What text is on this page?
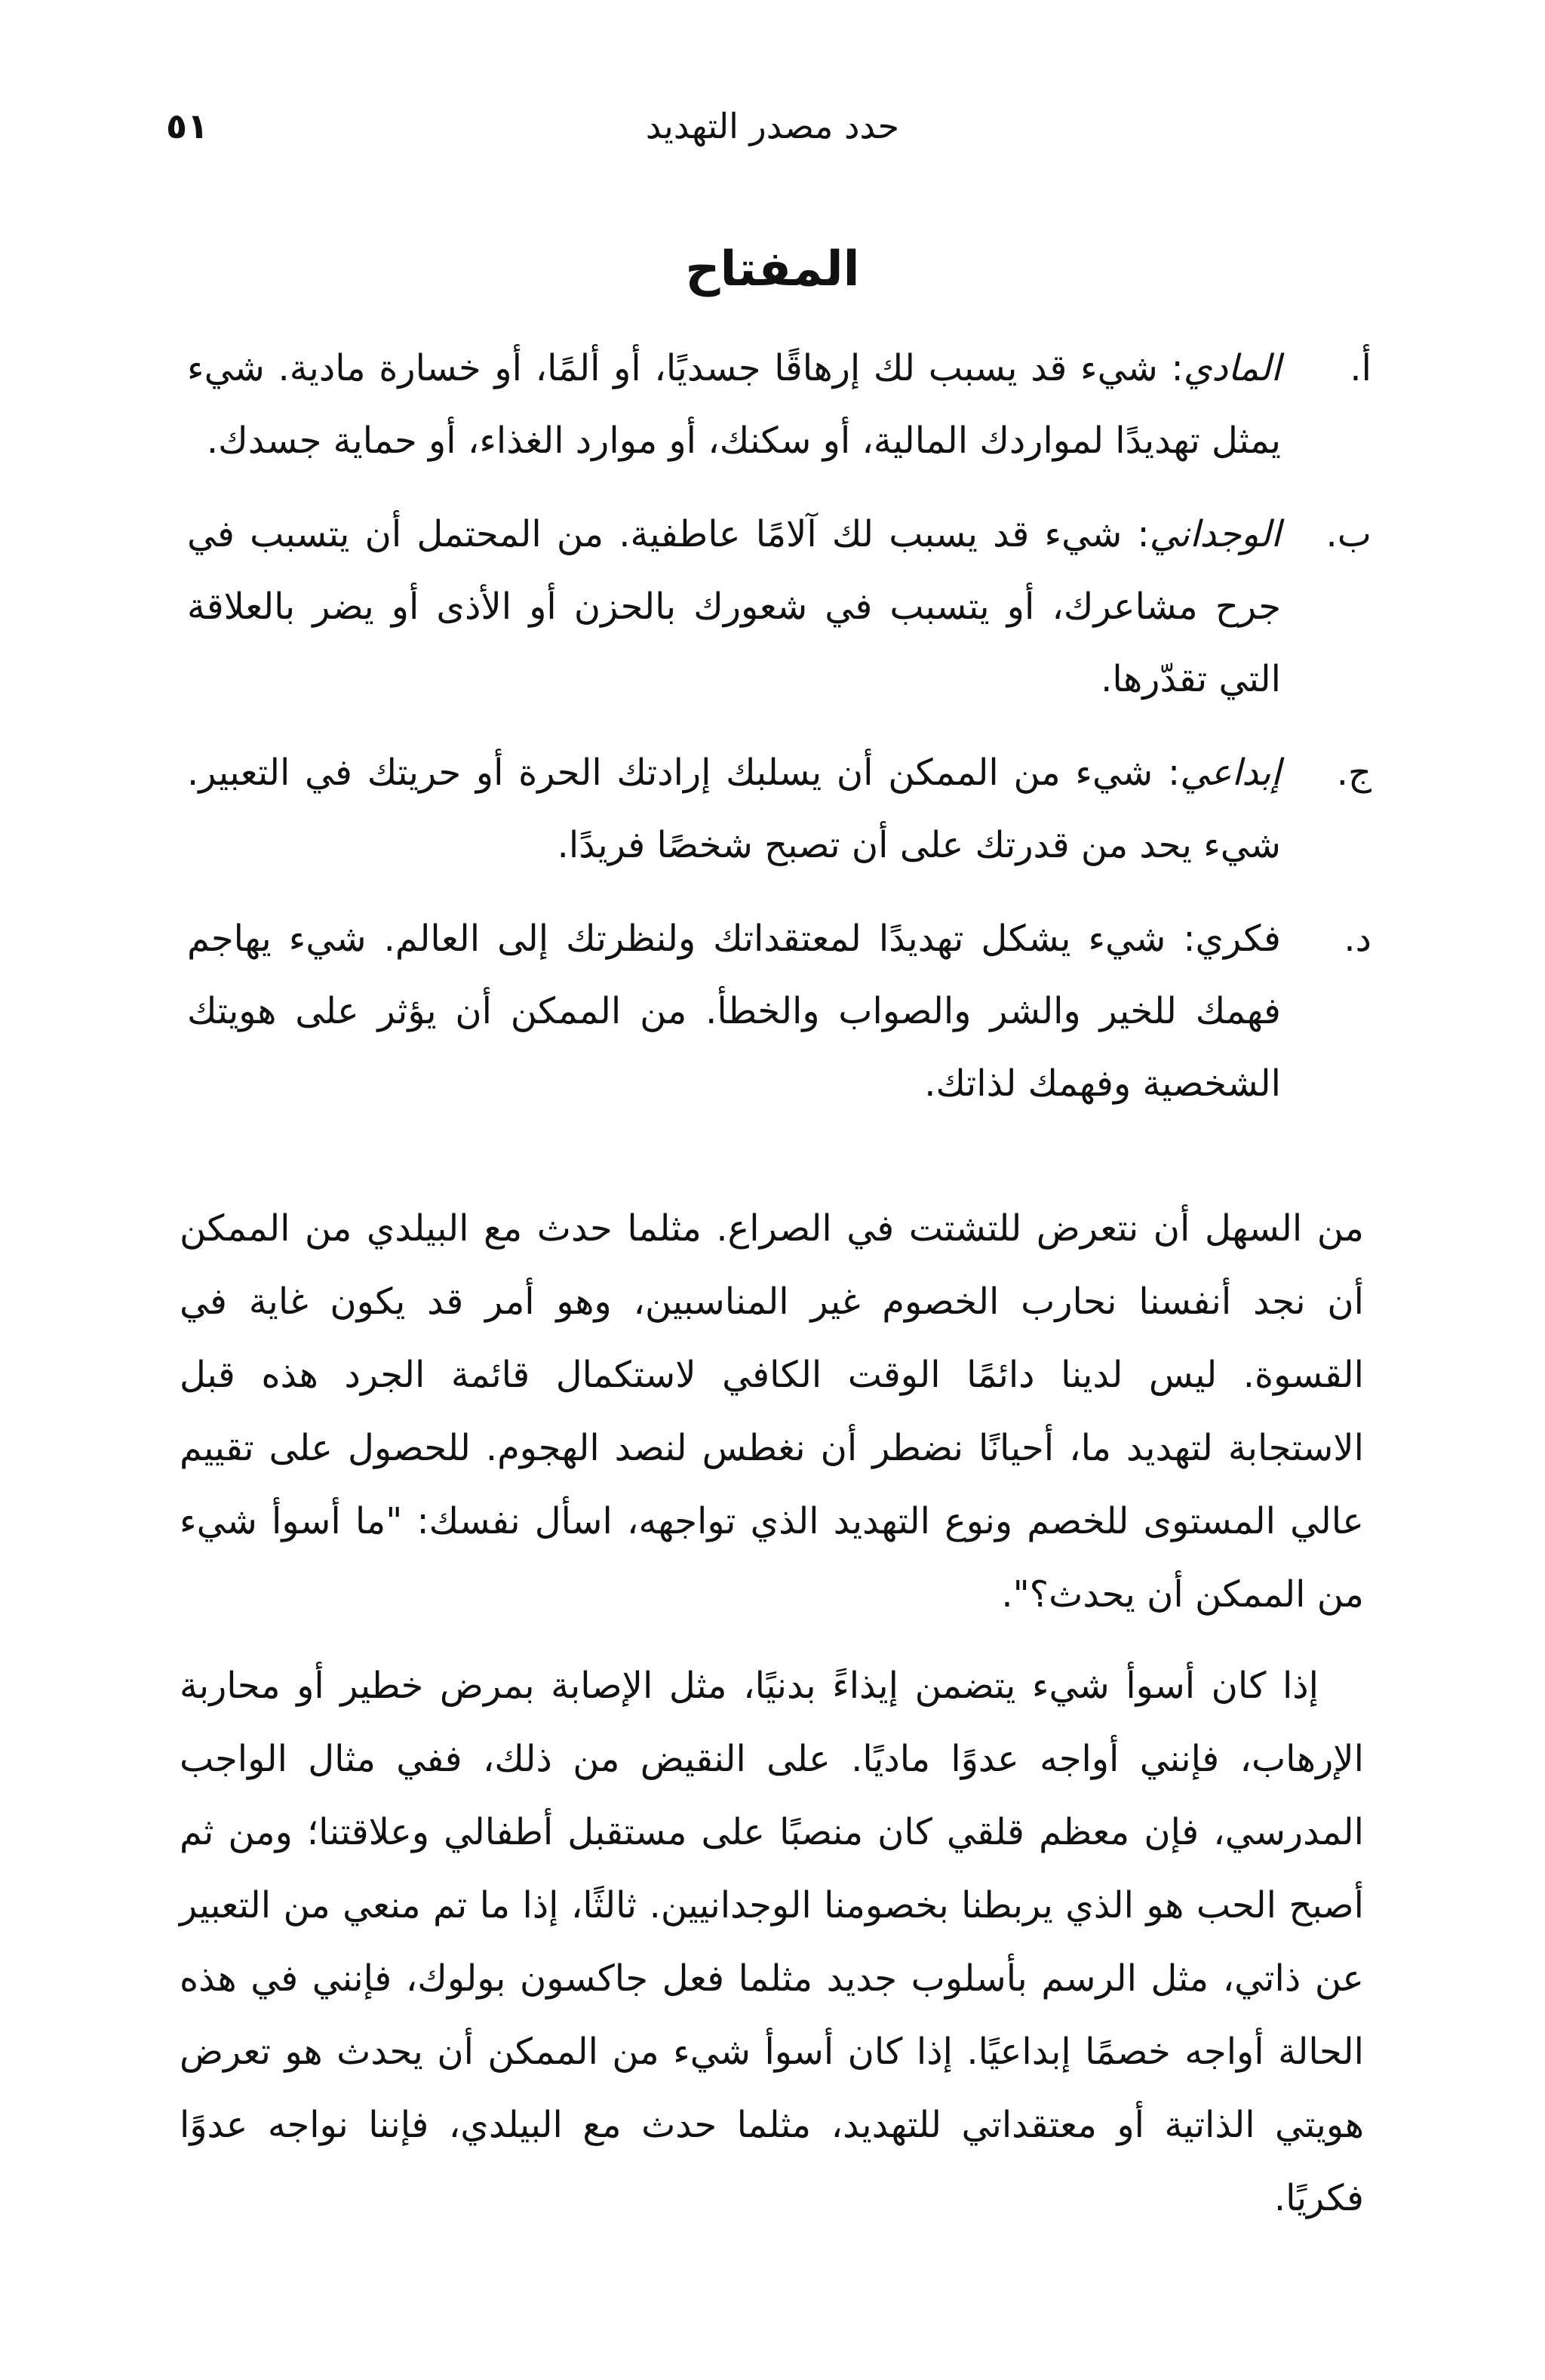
٥١	حدد مصدر التهديد
المفتاح
أ.
المادي: شيء قد يسبب لك إرهاقًا جسديًا، أو ألمًا، أو خسارة مادية. شيء يمثل تهديدًا لمواردك المالية، أو سكنك، أو موارد الغذاء، أو حماية جسدك.
ب.
الوجداني: شيء قد يسبب لك آلامًا عاطفية. من المحتمل أن يتسبب في جرح مشاعرك، أو يتسبب في شعورك بالحزن أو الأذى أو يضر بالعلاقة التي تقدّرها.
ج.
إبداعي: شيء من الممكن أن يسلبك إرادتك الحرة أو حريتك في التعبير. شيء يحد من قدرتك على أن تصبح شخصًا فريدًا.
د.
فكري: شيء يشكل تهديدًا لمعتقداتك ولنظرتك إلى العالم. شيء يهاجم فهمك للخير والشر والصواب والخطأ. من الممكن أن يؤثر على هويتك الشخصية وفهمك لذاتك.

من السهل أن نتعرض للتشتت في الصراع. مثلما حدث مع البيلدي من الممكن أن نجد أنفسنا نحارب الخصوم غير المناسبين، وهو أمر قد يكون غاية في القسوة. ليس لدينا دائمًا الوقت الكافي لاستكمال قائمة الجرد هذه قبل الاستجابة لتهديد ما، أحيانًا نضطر أن نغطس لنصد الهجوم. للحصول على تقييم عالي المستوى للخصم ونوع التهديد الذي تواجهه، اسأل نفسك: "ما أسوأ شيء من الممكن أن يحدث؟".

إذا كان أسوأ شيء يتضمن إيذاءً بدنيًا، مثل الإصابة بمرض خطير أو محاربة الإرهاب، فإنني أواجه عدوًا ماديًا. على النقيض من ذلك، ففي مثال الواجب المدرسي، فإن معظم قلقي كان منصبًا على مستقبل أطفالي وعلاقتنا؛ ومن ثم أصبح الحب هو الذي يربطنا بخصومنا الوجدانيين. ثالثًا، إذا ما تم منعي من التعبير عن ذاتي، مثل الرسم بأسلوب جديد مثلما فعل جاكسون بولوك، فإنني في هذه الحالة أواجه خصمًا إبداعيًا. إذا كان أسوأ شيء من الممكن أن يحدث هو تعرض هويتي الذاتية أو معتقداتي للتهديد، مثلما حدث مع البيلدي، فإننا نواجه عدوًا فكريًا.
